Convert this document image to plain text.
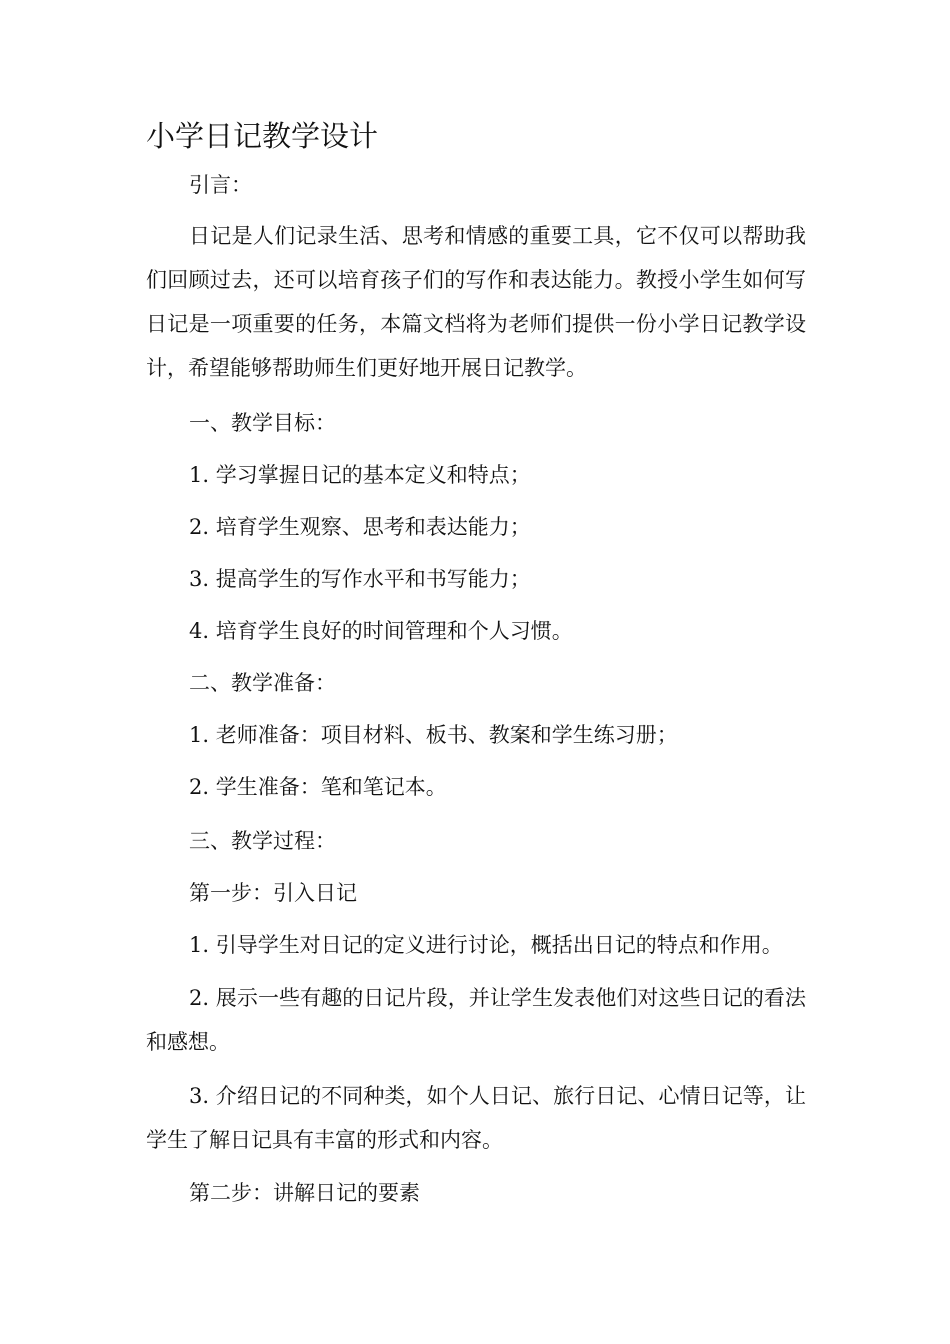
小学日记教学设计

引言：

日记是人们记录生活、思考和情感的重要工具，它不仅可以帮助我们回顾过去，还可以培育孩子们的写作和表达能力。教授小学生如何写日记是一项重要的任务，本篇文档将为老师们提供一份小学日记教学设计，希望能够帮助师生们更好地开展日记教学。

一、教学目标：

1. 学习掌握日记的基本定义和特点；

2. 培育学生观察、思考和表达能力；

3. 提高学生的写作水平和书写能力；

4. 培育学生良好的时间管理和个人习惯。

二、教学准备：

1. 老师准备：项目材料、板书、教案和学生练习册；

2. 学生准备：笔和笔记本。

三、教学过程：

第一步：引入日记

1. 引导学生对日记的定义进行讨论，概括出日记的特点和作用。

2. 展示一些有趣的日记片段，并让学生发表他们对这些日记的看法和感想。

3. 介绍日记的不同种类，如个人日记、旅行日记、心情日记等，让学生了解日记具有丰富的形式和内容。

第二步：讲解日记的要素
